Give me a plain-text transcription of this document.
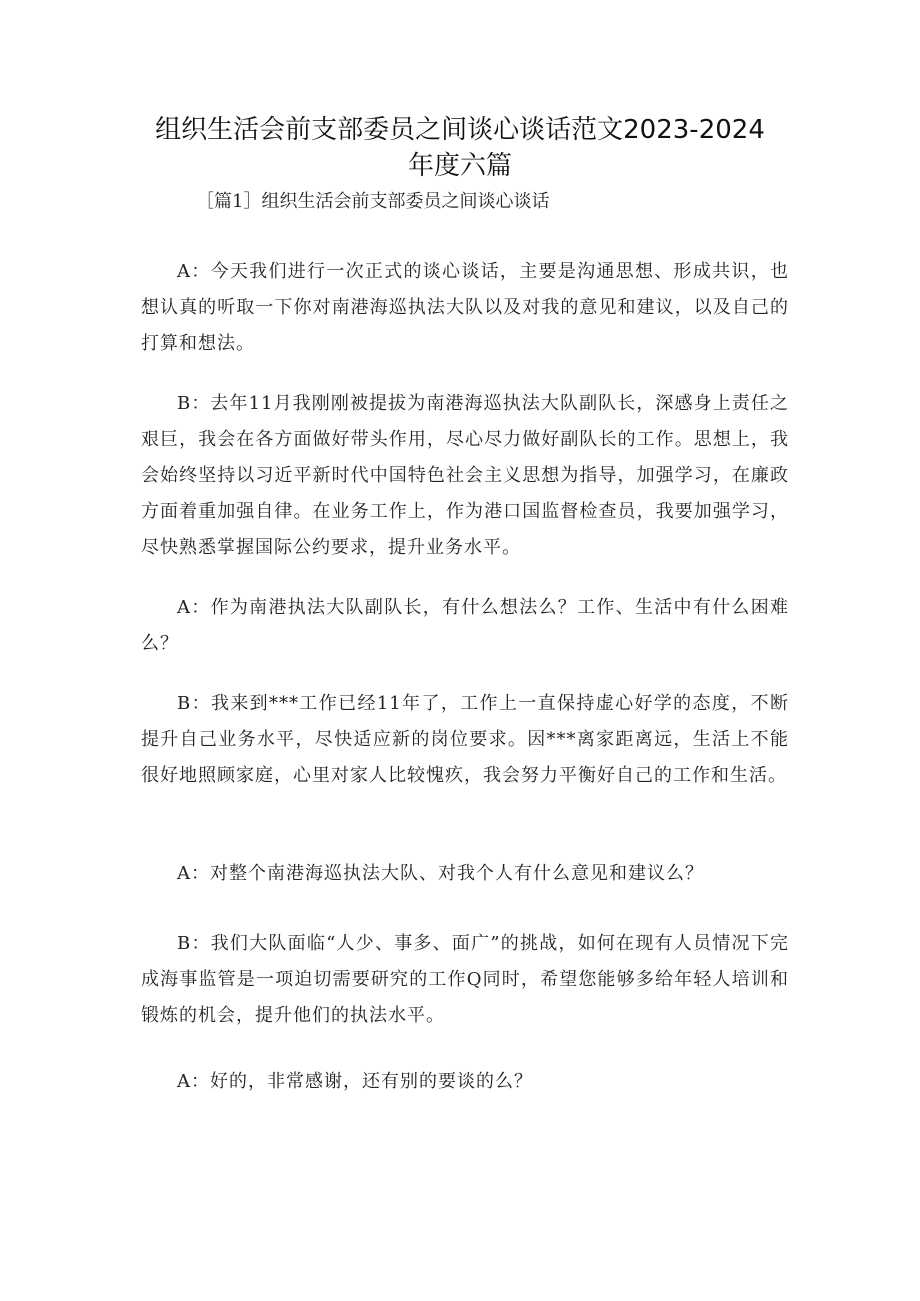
组织生活会前支部委员之间谈心谈话范文2023-2024
年度六篇
［篇1］组织生活会前支部委员之间谈心谈话

A：今天我们进行一次正式的谈心谈话，主要是沟通思想、形成共识，也想认真的听取一下你对南港海巡执法大队以及对我的意见和建议，以及自己的打算和想法。

B：去年11月我刚刚被提拔为南港海巡执法大队副队长，深感身上责任之艰巨，我会在各方面做好带头作用，尽心尽力做好副队长的工作。思想上，我会始终坚持以习近平新时代中国特色社会主义思想为指导，加强学习，在廉政方面着重加强自律。在业务工作上，作为港口国监督检查员，我要加强学习，尽快熟悉掌握国际公约要求，提升业务水平。

A：作为南港执法大队副队长，有什么想法么？工作、生活中有什么困难么？

B：我来到***工作已经11年了，工作上一直保持虚心好学的态度，不断提升自己业务水平，尽快适应新的岗位要求。因***离家距离远，生活上不能很好地照顾家庭，心里对家人比较愧疚，我会努力平衡好自己的工作和生活。

A：对整个南港海巡执法大队、对我个人有什么意见和建议么？

B：我们大队面临“人少、事多、面广”的挑战，如何在现有人员情况下完成海事监管是一项迫切需要研究的工作Q同时，希望您能够多给年轻人培训和锻炼的机会，提升他们的执法水平。

A：好的，非常感谢，还有别的要谈的么？
